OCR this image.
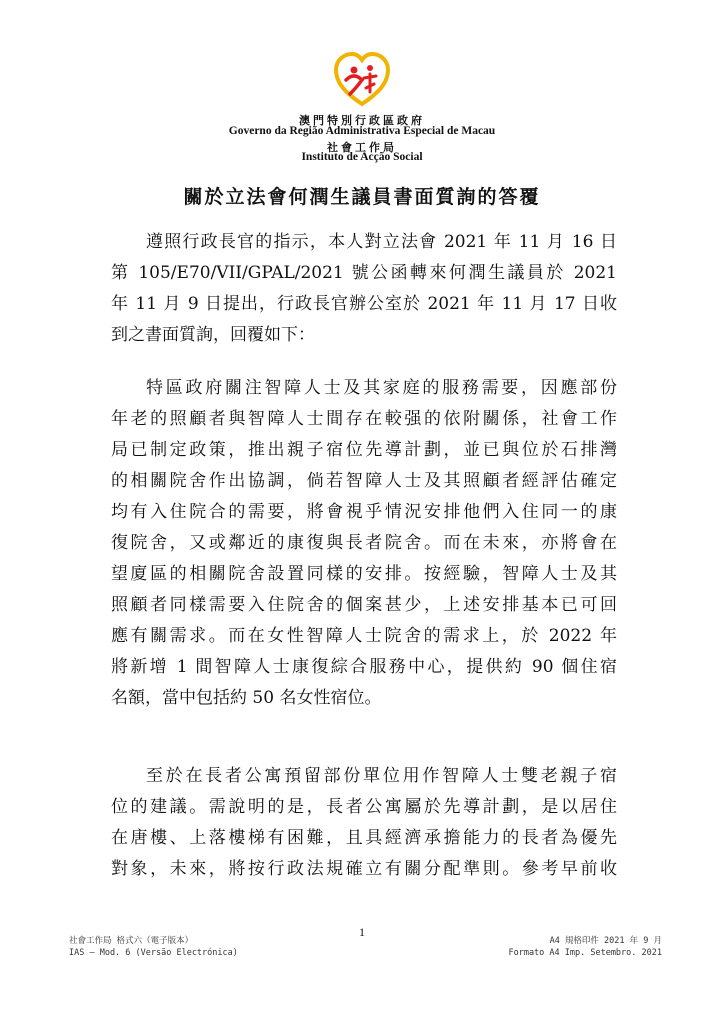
澳門特別行政區政府
Governo da Região Administrativa Especial de Macau
社會工作局
Instituto de Acção Social
關於立法會何潤生議員書面質詢的答覆
遵照行政長官的指示，本人對立法會 2021 年 11 月 16 日
第 105/E70/VII/GPAL/2021 號公函轉來何潤生議員於 2021
年 11 月 9 日提出，行政長官辦公室於 2021 年 11 月 17 日收
到之書面質詢，回覆如下：
特區政府關注智障人士及其家庭的服務需要，因應部份
年老的照顧者與智障人士間存在較强的依附關係，社會工作
局已制定政策，推出親子宿位先導計劃，並已與位於石排灣
的相關院舍作出協調，倘若智障人士及其照顧者經評估確定
均有入住院合的需要，將會視乎情況安排他們入住同一的康
復院舍，又或鄰近的康復與長者院舍。而在未來，亦將會在
望廈區的相關院舍設置同樣的安排。按經驗，智障人士及其
照顧者同樣需要入住院舍的個案甚少，上述安排基本已可回
應有關需求。而在女性智障人士院舍的需求上，於 2022 年
將新增 1 間智障人士康復綜合服務中心，提供約 90 個住宿
名額，當中包括約 50 名女性宿位。
至於在長者公寓預留部份單位用作智障人士雙老親子宿
位的建議。需說明的是，長者公寓屬於先導計劃，是以居住
在唐樓、上落樓梯有困難，且具經濟承擔能力的長者為優先
對象，未來，將按行政法規確立有關分配準則。參考早前收
1
社會工作局 格式六（電子版本）
IAS – Mod. 6 (Versão Electrónica)
A4 規格印件 2021 年 9 月
Formato A4 Imp. Setembro. 2021
